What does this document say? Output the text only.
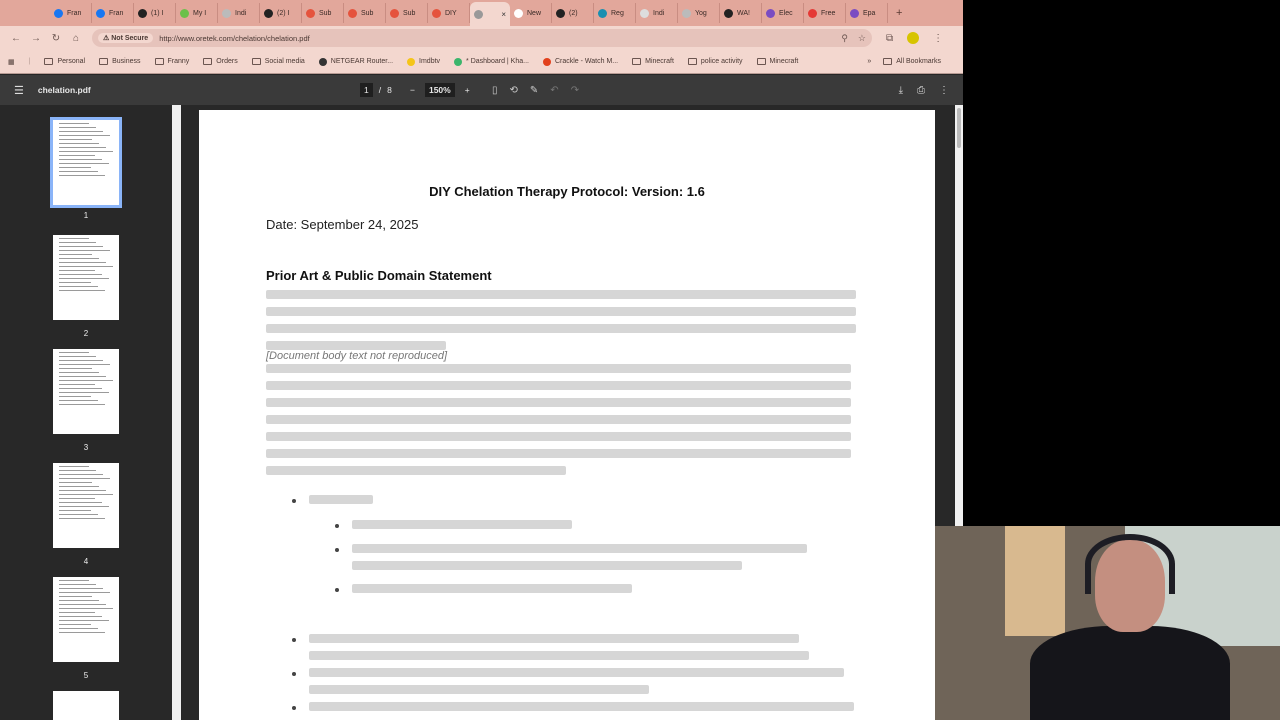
Fran	Fran	(1) I	My I	Indi	(2) I	Sub	Sub	Sub	DIY	×	New	(2)	Reg	Indi	Yog	WA!	Elec	Free	Epa +
←	→	↻	⌂	⚠ Not Secure	http://www.oretek.com/chelation/chelation.pdf	⚲ ☆ ⧉	⋮
▦ |	Personal	Business	Franny	Orders	Social media	NETGEAR Router...	Imdbtv	* Dashboard | Kha...	Crackle - Watch M...	Minecraft	police activity	Minecraft	»	All Bookmarks
☰ chelation.pdf	1	/ 8 −	150%	+ ▯ ⟲ ✎ ↶ ↷	⤓ ⎙ ⋮
1
2
3
4
5
DIY Chelation Therapy Protocol: Version: 1.6
Date: September 24, 2025
Prior Art & Public Domain Statement
[Document body text not reproduced]
